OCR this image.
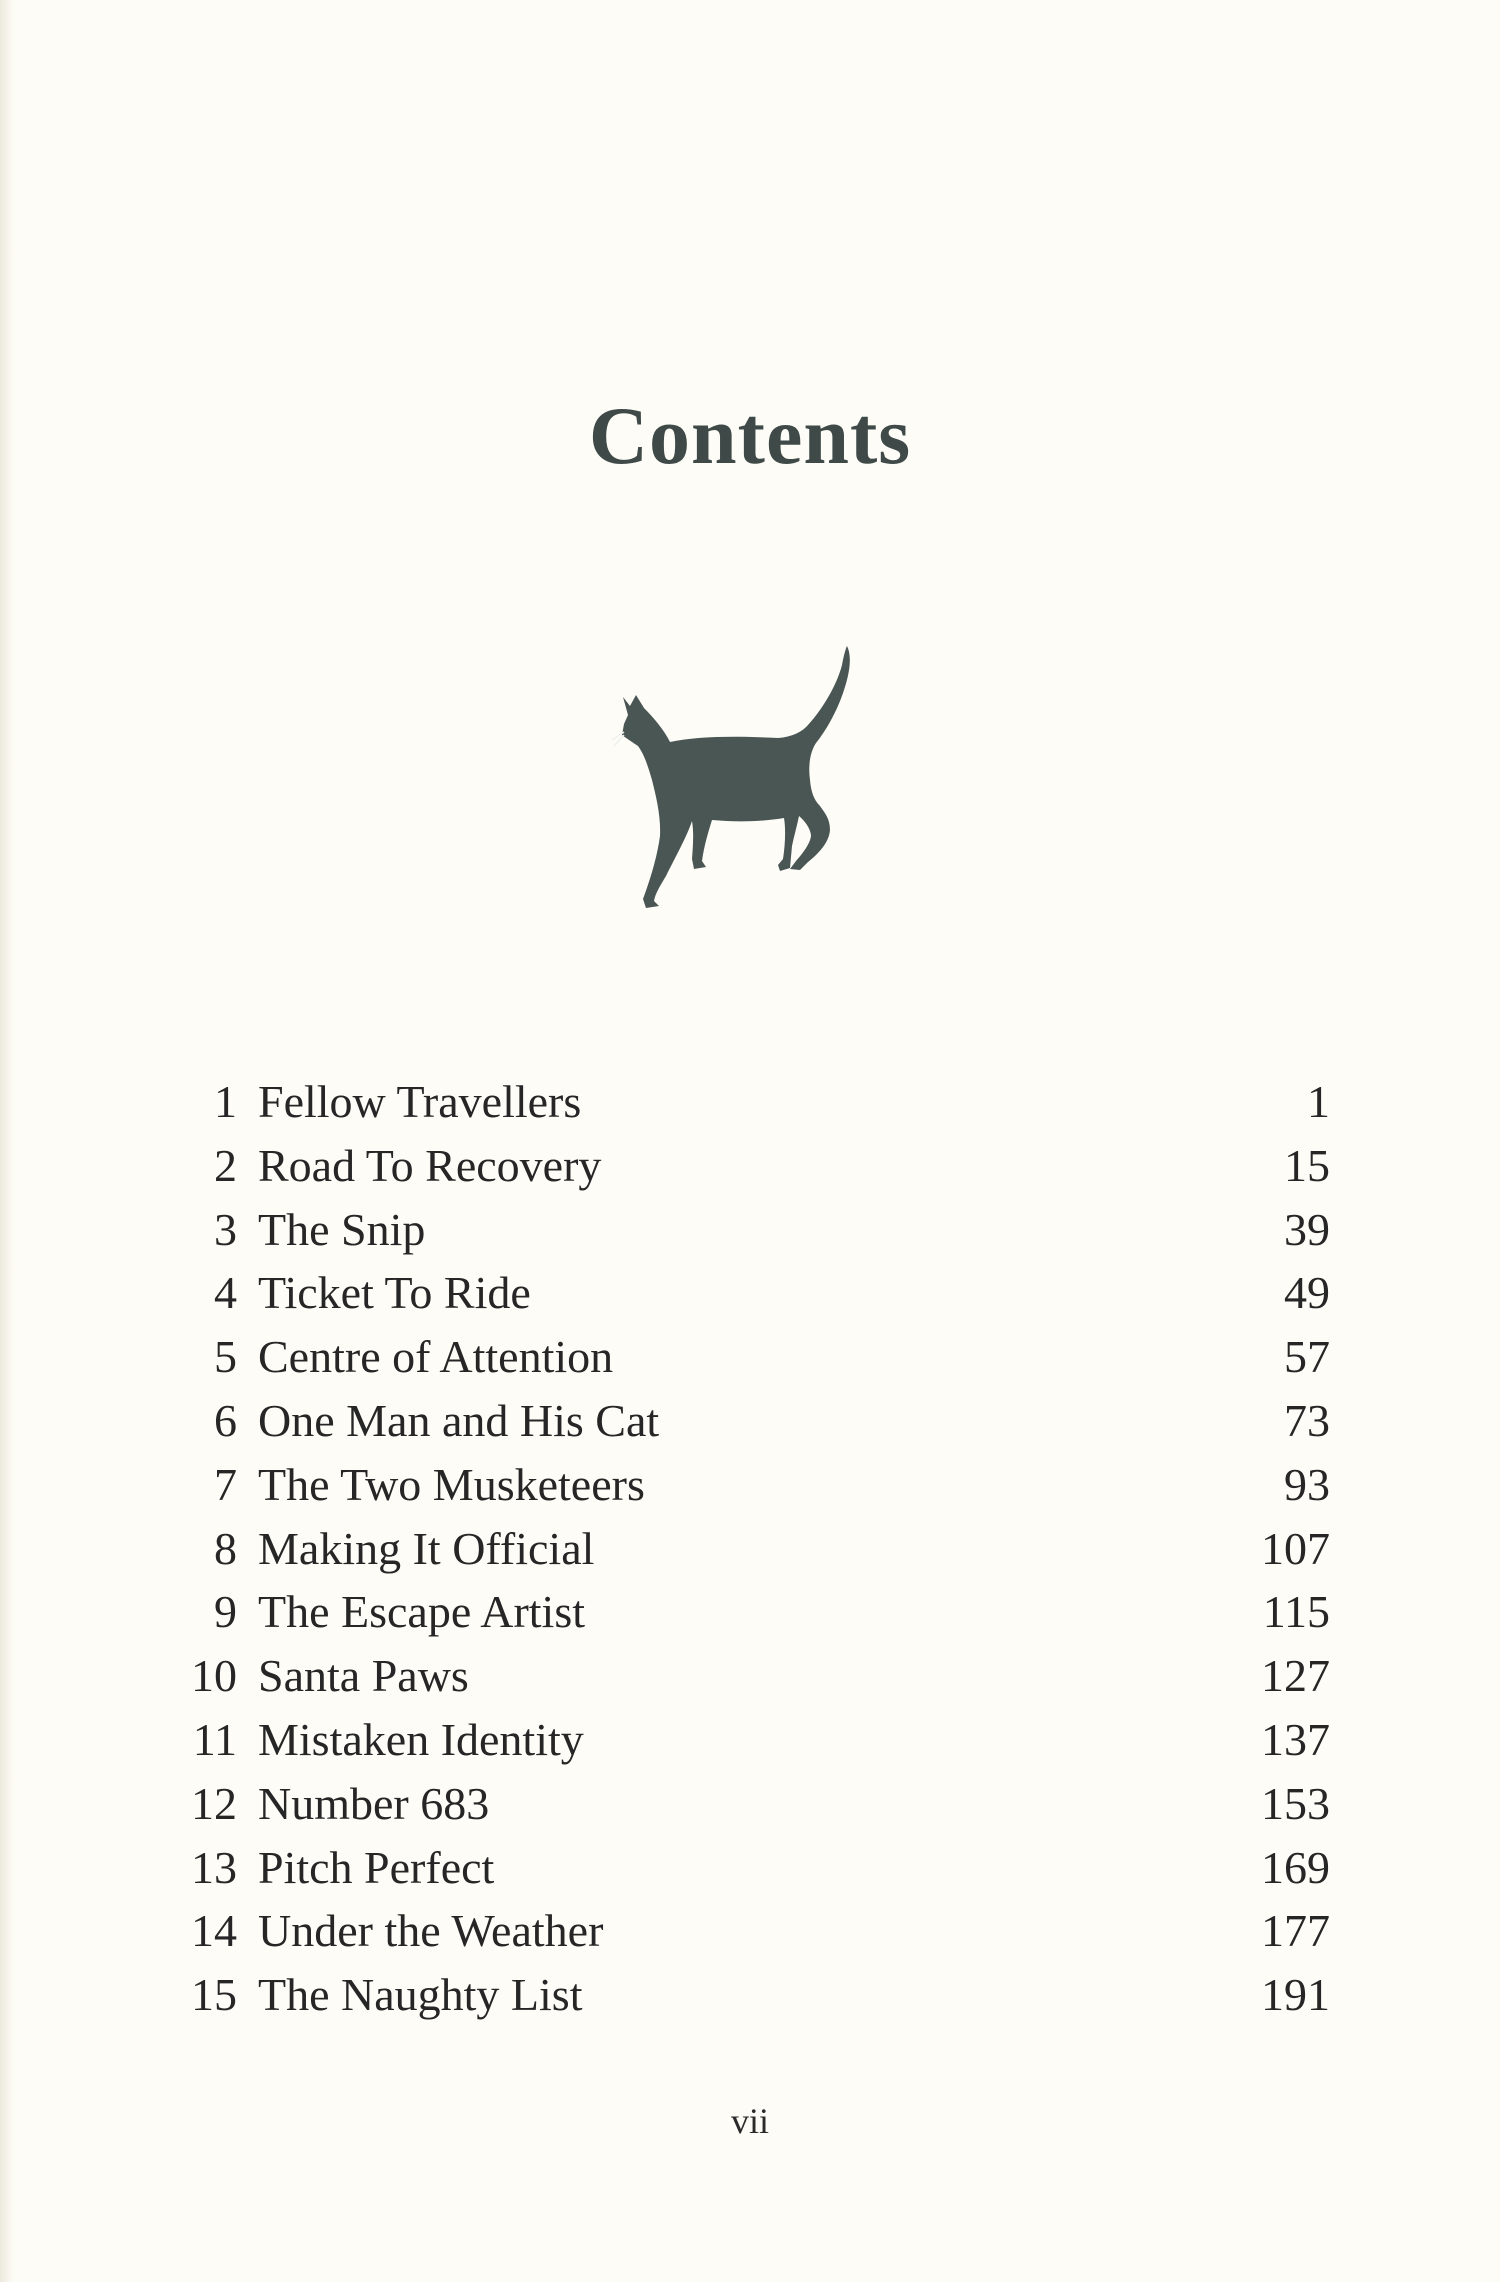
Contents
1 Fellow Travellers	1
2 Road To Recovery	15
3 The Snip	39
4 Ticket To Ride	49
5 Centre of Attention	57
6 One Man and His Cat	73
7 The Two Musketeers	93
8 Making It Official	107
9 The Escape Artist	115
10 Santa Paws	127
11 Mistaken Identity	137
12 Number 683	153
13 Pitch Perfect	169
14 Under the Weather	177
15 The Naughty List	191
vii
